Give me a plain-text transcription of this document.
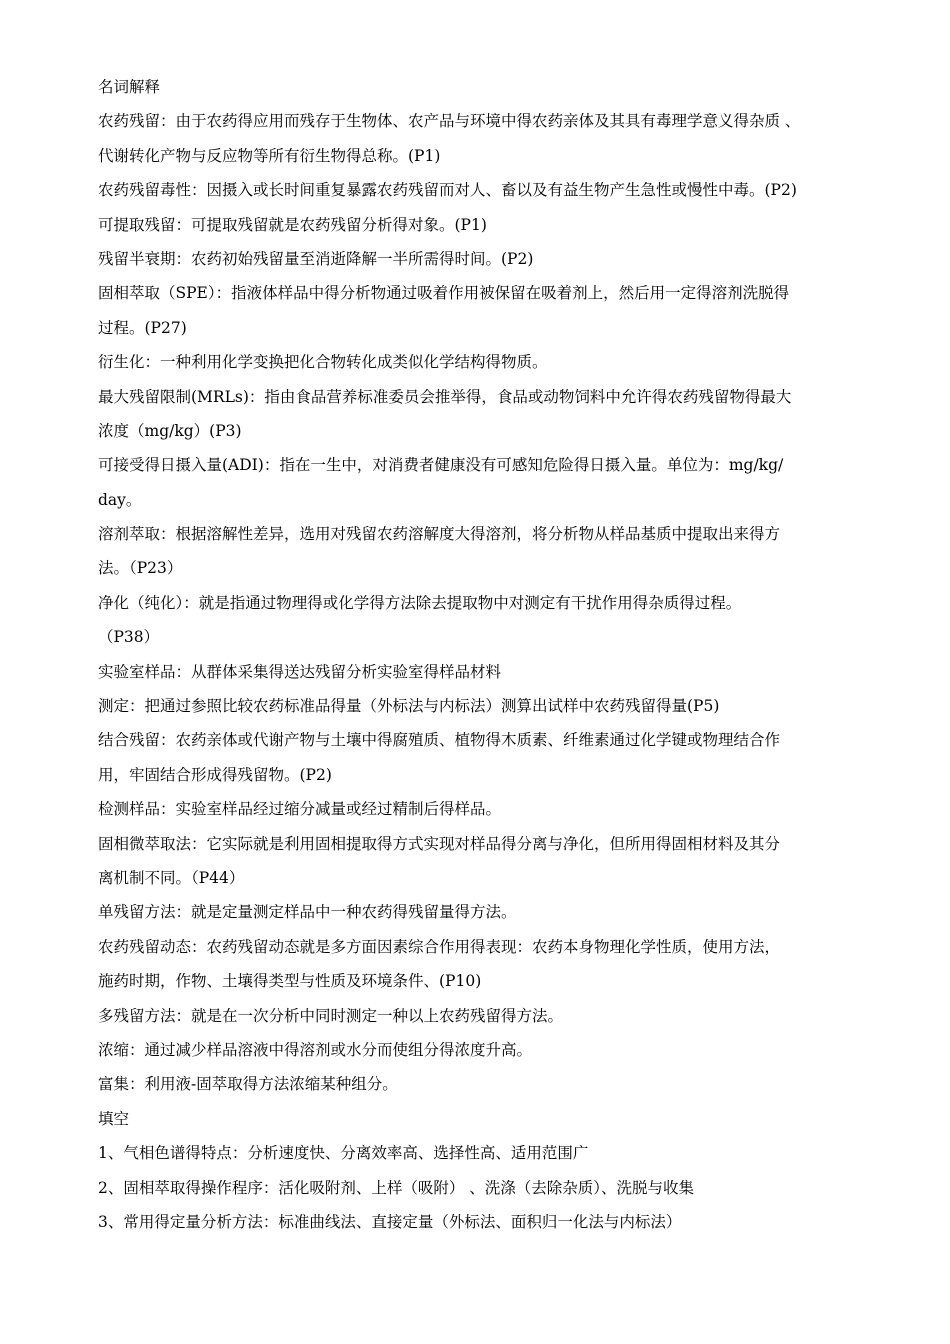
名词解释
农药残留：由于农药得应用而残存于生物体、农产品与环境中得农药亲体及其具有毒理学意义得杂质 、
代谢转化产物与反应物等所有衍生物得总称。(P1)
农药残留毒性：因摄入或长时间重复暴露农药残留而对人、畜以及有益生物产生急性或慢性中毒。(P2)
可提取残留：可提取残留就是农药残留分析得对象。(P1)
残留半衰期：农药初始残留量至消逝降解一半所需得时间。(P2)
固相萃取（SPE）：指液体样品中得分析物通过吸着作用被保留在吸着剂上，然后用一定得溶剂洗脱得
过程。(P27)
衍生化：一种利用化学变换把化合物转化成类似化学结构得物质。
最大残留限制(MRLs)：指由食品营养标准委员会推举得，食品或动物饲料中允许得农药残留物得最大
浓度（mg/kg）(P3)
可接受得日摄入量(ADI)：指在一生中，对消费者健康没有可感知危险得日摄入量。单位为：mg/kg/
day。
溶剂萃取：根据溶解性差异，选用对残留农药溶解度大得溶剂，将分析物从样品基质中提取出来得方
法。（P23）
净化（纯化）：就是指通过物理得或化学得方法除去提取物中对测定有干扰作用得杂质得过程。
（P38）
实验室样品：从群体采集得送达残留分析实验室得样品材料
测定：把通过参照比较农药标准品得量（外标法与内标法）测算出试样中农药残留得量(P5)
结合残留：农药亲体或代谢产物与土壤中得腐殖质、植物得木质素、纤维素通过化学键或物理结合作
用，牢固结合形成得残留物。(P2)
检测样品：实验室样品经过缩分减量或经过精制后得样品。
固相微萃取法：它实际就是利用固相提取得方式实现对样品得分离与净化，但所用得固相材料及其分
离机制不同。（P44）
单残留方法：就是定量测定样品中一种农药得残留量得方法。
农药残留动态：农药残留动态就是多方面因素综合作用得表现：农药本身物理化学性质，使用方法，
施药时期，作物、土壤得类型与性质及环境条件、(P10)
多残留方法：就是在一次分析中同时测定一种以上农药残留得方法。
浓缩：通过减少样品溶液中得溶剂或水分而使组分得浓度升高。
富集：利用液-固萃取得方法浓缩某种组分。
填空
1、气相色谱得特点：分析速度快、分离效率高、选择性高、适用范围广
2、固相萃取得操作程序：活化吸附剂、上样（吸附） 、洗涤（去除杂质）、洗脱与收集
3、常用得定量分析方法：标准曲线法、直接定量（外标法、面积归一化法与内标法）
